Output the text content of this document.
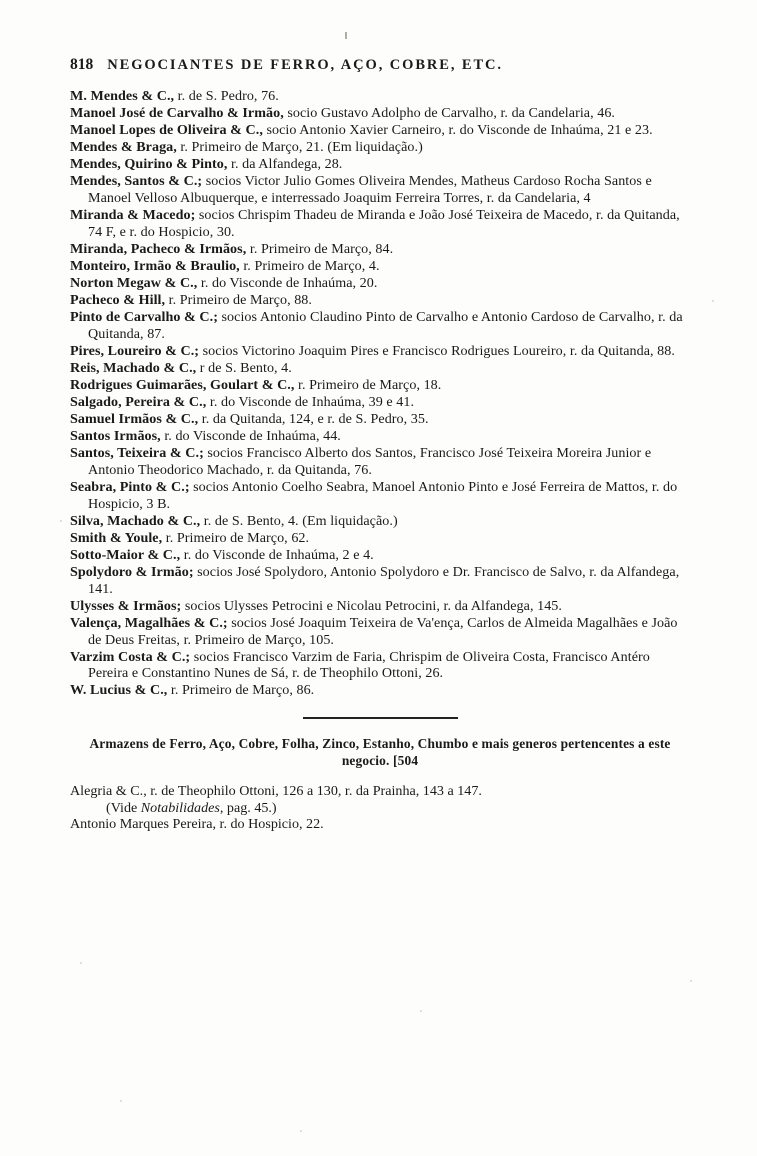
818 NEGOCIANTES DE FERRO, AÇO, COBRE, ETC.
M. Mendes & C., r. de S. Pedro, 76.
Manoel José de Carvalho & Irmão, socio Gustavo Adolpho de Carvalho, r. da Candelaria, 46.
Manoel Lopes de Oliveira & C., socio Antonio Xavier Carneiro, r. do Visconde de Inhaúma, 21 e 23.
Mendes & Braga, r. Primeiro de Março, 21. (Em liquidação.)
Mendes, Quirino & Pinto, r. da Alfandega, 28.
Mendes, Santos & C.; socios Victor Julio Gomes Oliveira Mendes, Matheus Cardoso Rocha Santos e Manoel Velloso Albuquerque, e interressado Joaquim Ferreira Torres, r. da Candelaria, 4
Miranda & Macedo; socios Chrispim Thadeu de Miranda e João José Teixeira de Macedo, r. da Quitanda, 74 F, e r. do Hospicio, 30.
Miranda, Pacheco & Irmãos, r. Primeiro de Março, 84.
Monteiro, Irmão & Braulio, r. Primeiro de Março, 4.
Norton Megaw & C., r. do Visconde de Inhaúma, 20.
Pacheco & Hill, r. Primeiro de Março, 88.
Pinto de Carvalho & C.; socios Antonio Claudino Pinto de Carvalho e Antonio Cardoso de Carvalho, r. da Quitanda, 87.
Pires, Loureiro & C.; socios Victorino Joaquim Pires e Francisco Rodrigues Loureiro, r. da Quitanda, 88.
Reis, Machado & C., r de S. Bento, 4.
Rodrigues Guimarães, Goulart & C., r. Primeiro de Março, 18.
Salgado, Pereira & C., r. do Visconde de Inhaúma, 39 e 41.
Samuel Irmãos & C., r. da Quitanda, 124, e r. de S. Pedro, 35.
Santos Irmãos, r. do Visconde de Inhaúma, 44.
Santos, Teixeira & C.; socios Francisco Alberto dos Santos, Francisco José Teixeira Moreira Junior e Antonio Theodorico Machado, r. da Quitanda, 76.
Seabra, Pinto & C.; socios Antonio Coelho Seabra, Manoel Antonio Pinto e José Ferreira de Mattos, r. do Hospicio, 3 B.
Silva, Machado & C., r. de S. Bento, 4. (Em liquidação.)
Smith & Youle, r. Primeiro de Março, 62.
Sotto-Maior & C., r. do Visconde de Inhaúma, 2 e 4.
Spolydoro & Irmão; socios José Spolydoro, Antonio Spolydoro e Dr. Francisco de Salvo, r. da Alfandega, 141.
Ulysses & Irmãos; socios Ulysses Petrocini e Nicolau Petrocini, r. da Alfandega, 145.
Valença, Magalhães & C.; socios José Joaquim Teixeira de Va'ença, Carlos de Almeida Magalhães e João de Deus Freitas, r. Primeiro de Março, 105.
Varzim Costa & C.; socios Francisco Varzim de Faria, Chrispim de Oliveira Costa, Francisco Antéro Pereira e Constantino Nunes de Sá, r. de Theophilo Ottoni, 26.
W. Lucius & C., r. Primeiro de Março, 86.
Armazens de Ferro, Aço, Cobre, Folha, Zinco, Estanho, Chumbo e mais generos pertencentes a este negocio. [504
Alegria & C., r. de Theophilo Ottoni, 126 a 130, r. da Prainha, 143 a 147.
(Vide Notabilidades, pag. 45.)
Antonio Marques Pereira, r. do Hospicio, 22.
